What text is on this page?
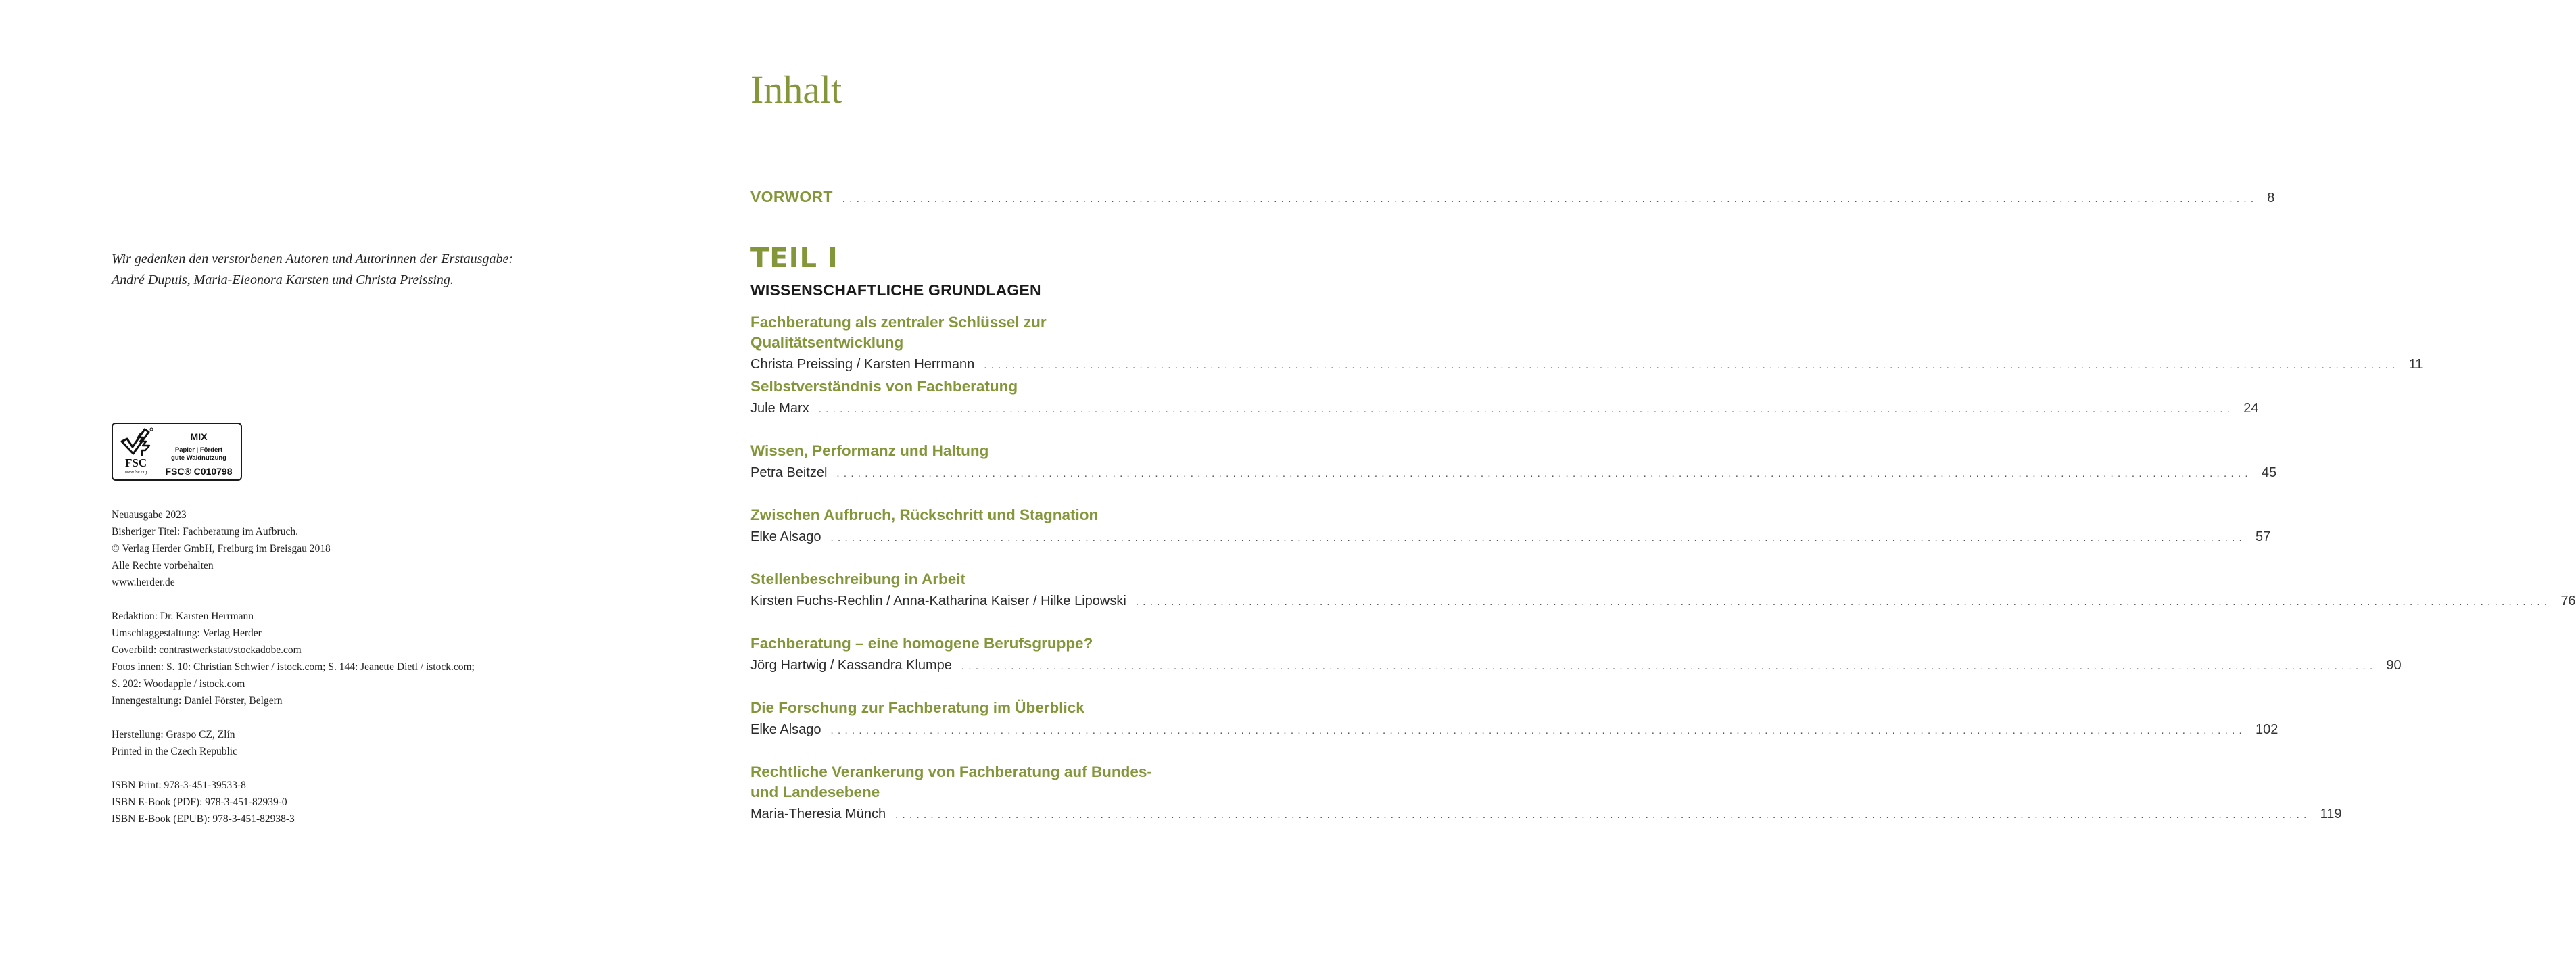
Wir gedenken den verstorbenen Autoren und Autorinnen der Erstausgabe:
André Dupuis, Maria-Eleonora Karsten und Christa Preissing.
FSC
www.fsc.org
MIX
Papier | Fördert
gute Waldnutzung
FSC® C010798
Neuausgabe 2023
Bisheriger Titel: Fachberatung im Aufbruch.
© Verlag Herder GmbH, Freiburg im Breisgau 2018
Alle Rechte vorbehalten
www.herder.de
Redaktion: Dr. Karsten Herrmann
Umschlaggestaltung: Verlag Herder
Coverbild: contrastwerkstatt/stockadobe.com
Fotos innen: S. 10: Christian Schwier / istock.com; S. 144: Jeanette Dietl / istock.com;
S. 202: Woodapple / istock.com
Innengestaltung: Daniel Förster, Belgern
Herstellung: Graspo CZ, Zlín
Printed in the Czech Republic
ISBN Print: 978-3-451-39533-8
ISBN E-Book (PDF): 978-3-451-82939-0
ISBN E-Book (EPUB): 978-3-451-82938-3
Inhalt
VORWORT ........................................................................................................................................................................................................ 8
TEIL I
WISSENSCHAFTLICHE GRUNDLAGEN
Fachberatung als zentraler Schlüssel zur Qualitätsentwicklung
Christa Preissing / Karsten Herrmann ........................................................................................................................................................................................................ 11
Selbstverständnis von Fachberatung
Jule Marx ........................................................................................................................................................................................................ 24
Wissen, Performanz und Haltung
Petra Beitzel ........................................................................................................................................................................................................ 45
Zwischen Aufbruch, Rückschritt und Stagnation
Elke Alsago ........................................................................................................................................................................................................ 57
Stellenbeschreibung in Arbeit
Kirsten Fuchs-Rechlin / Anna-Katharina Kaiser / Hilke Lipowski ........................................................................................................................................................................................................ 76
Fachberatung – eine homogene Berufsgruppe?
Jörg Hartwig / Kassandra Klumpe ........................................................................................................................................................................................................ 90
Die Forschung zur Fachberatung im Überblick
Elke Alsago ........................................................................................................................................................................................................ 102
Rechtliche Verankerung von Fachberatung auf Bundes- und Landesebene
Maria-Theresia Münch ........................................................................................................................................................................................................ 119
